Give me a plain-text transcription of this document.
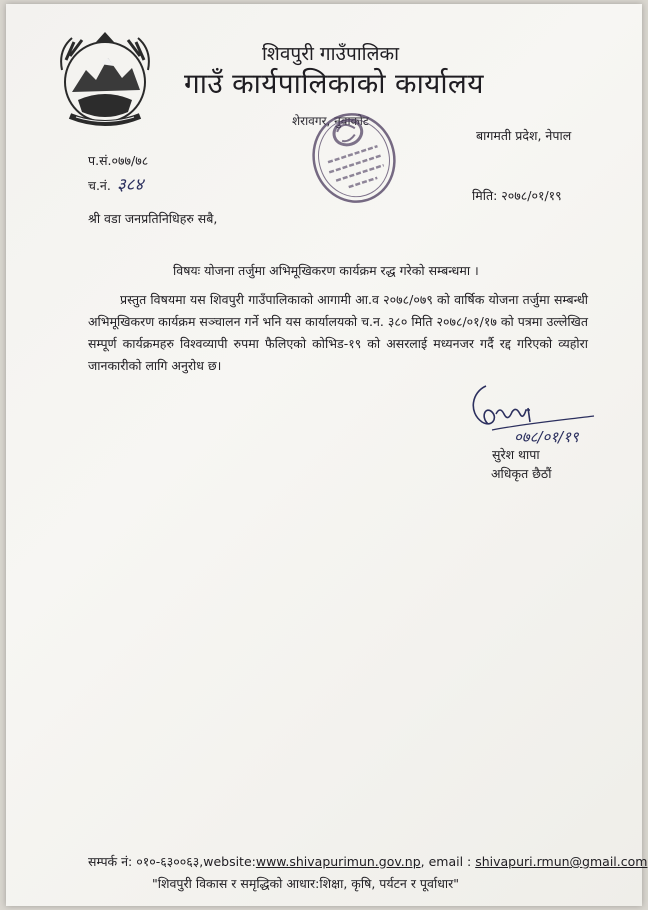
शिवपुरी गाउँपालिका
गाउँ कार्यपालिकाको कार्यालय
शेरावगर, नुवाकोट
बागमती प्रदेश, नेपाल
प.सं.०७७/७८
च.नं. ३८४
मिति: २०७८/०१/१९
श्री वडा जनप्रतिनिधिहरु सबै,
विषयः योजना तर्जुमा अभिमूखिकरण कार्यक्रम रद्ध गरेको सम्बन्धमा ।
प्रस्तुत विषयमा यस शिवपुरी गाउँपालिकाको आगामी आ.व २०७८/०७९ को वार्षिक योजना तर्जुमा सम्बन्धी अभिमूखिकरण कार्यक्रम सञ्चालन गर्ने भनि यस कार्यालयको च.न. ३८० मिति २०७८/०१/१७ को पत्रमा उल्लेखित सम्पूर्ण कार्यक्रमहरु विश्वव्यापी रुपमा फैलिएको कोभिड-१९ को असरलाई मध्यनजर गर्दै रद्द गरिएको व्यहोरा जानकारीको लागि अनुरोध छ।
०७८/०१/१९
सुरेश थापा
अधिकृत छैठौं
सम्पर्क नं: ०१०-६३००६३,website:www.shivapurimun.gov.np, email : shivapuri.rmun@gmail.com
"शिवपुरी विकास र समृद्धिको आधार:शिक्षा, कृषि, पर्यटन र पूर्वाधार"
